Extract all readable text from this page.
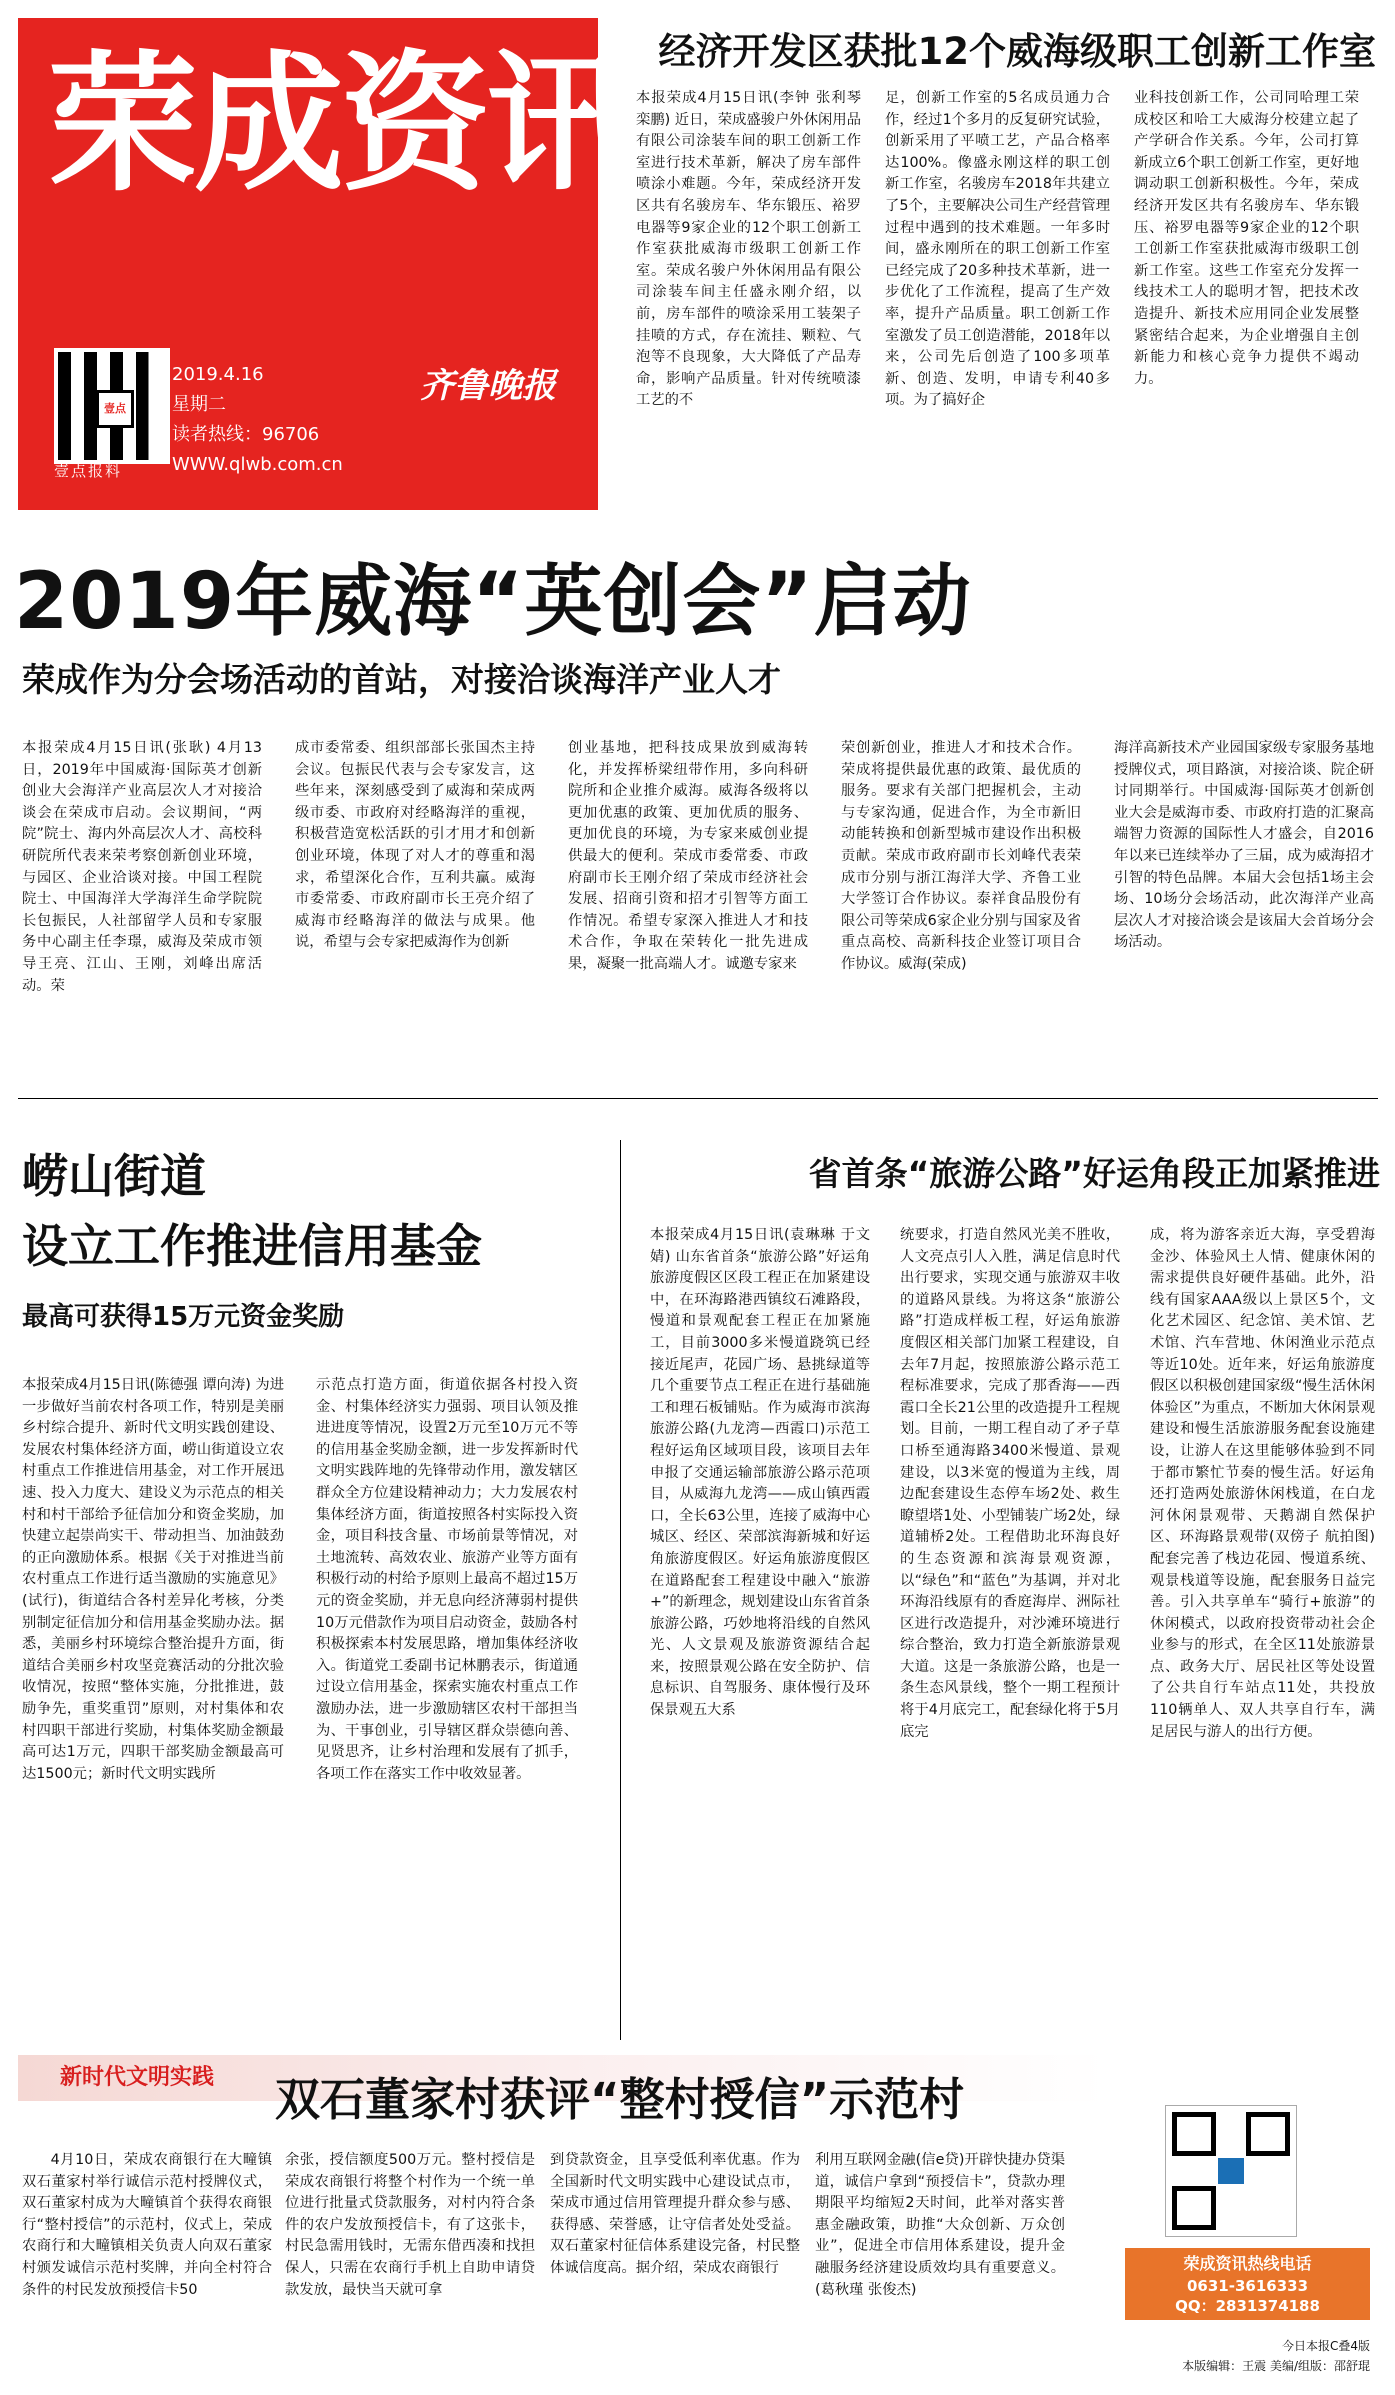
荣成资讯
壹点
壹点报料
2019.4.16
星期二
读者热线：96706
WWW.qlwb.com.cn
齐鲁晚报
经济开发区获批12个威海级职工创新工作室

本报荣成4月15日讯(李钟 张利琴 栾鹏) 近日，荣成盛骏户外休闲用品有限公司涂装车间的职工创新工作室进行技术革新，解决了房车部件喷涂小难题。今年，荣成经济开发区共有名骏房车、华东锻压、裕罗电器等9家企业的12个职工创新工作室获批威海市级职工创新工作室。荣成名骏户外休闲用品有限公司涂装车间主任盛永刚介绍，以前，房车部件的喷涂采用工装架子挂喷的方式，存在流挂、颗粒、气泡等不良现象，大大降低了产品寿命，影响产品质量。针对传统喷漆工艺的不

足，创新工作室的5名成员通力合作，经过1个多月的反复研究试验，创新采用了平喷工艺，产品合格率达100%。像盛永刚这样的职工创新工作室，名骏房车2018年共建立了5个，主要解决公司生产经营管理过程中遇到的技术难题。一年多时间，盛永刚所在的职工创新工作室已经完成了20多种技术革新，进一步优化了工作流程，提高了生产效率，提升产品质量。职工创新工作室激发了员工创造潜能，2018年以来，公司先后创造了100多项革新、创造、发明，申请专利40多项。为了搞好企

业科技创新工作，公司同哈理工荣成校区和哈工大威海分校建立起了产学研合作关系。今年，公司打算新成立6个职工创新工作室，更好地调动职工创新积极性。今年，荣成经济开发区共有名骏房车、华东锻压、裕罗电器等9家企业的12个职工创新工作室获批威海市级职工创新工作室。这些工作室充分发挥一线技术工人的聪明才智，把技术改造提升、新技术应用同企业发展整紧密结合起来，为企业增强自主创新能力和核心竞争力提供不竭动力。

2019年威海“英创会”启动
荣成作为分会场活动的首站，对接洽谈海洋产业人才

本报荣成4月15日讯(张耿) 4月13日，2019年中国威海·国际英才创新创业大会海洋产业高层次人才对接洽谈会在荣成市启动。会议期间，“两院”院士、海内外高层次人才、高校科研院所代表来荣考察创新创业环境，与园区、企业洽谈对接。中国工程院院士、中国海洋大学海洋生命学院院长包振民，人社部留学人员和专家服务中心副主任李璟，威海及荣成市领导王亮、江山、王刚，刘峰出席活动。荣

成市委常委、组织部部长张国杰主持会议。包振民代表与会专家发言，这些年来，深刻感受到了威海和荣成两级市委、市政府对经略海洋的重视，积极营造宽松活跃的引才用才和创新创业环境，体现了对人才的尊重和渴求，希望深化合作，互利共赢。威海市委常委、市政府副市长王亮介绍了威海市经略海洋的做法与成果。他说，希望与会专家把威海作为创新

创业基地，把科技成果放到威海转化，并发挥桥梁纽带作用，多向科研院所和企业推介威海。威海各级将以更加优惠的政策、更加优质的服务、更加优良的环境，为专家来威创业提供最大的便利。荣成市委常委、市政府副市长王刚介绍了荣成市经济社会发展、招商引资和招才引智等方面工作情况。希望专家深入推进人才和技术合作，争取在荣转化一批先进成果，凝聚一批高端人才。诚邀专家来

荣创新创业，推进人才和技术合作。荣成将提供最优惠的政策、最优质的服务。要求有关部门把握机会，主动与专家沟通，促进合作，为全市新旧动能转换和创新型城市建设作出积极贡献。荣成市政府副市长刘峰代表荣成市分别与浙江海洋大学、齐鲁工业大学签订合作协议。泰祥食品股份有限公司等荣成6家企业分别与国家及省重点高校、高新科技企业签订项目合作协议。威海(荣成)

海洋高新技术产业园国家级专家服务基地授牌仪式，项目路演，对接洽谈、院企研讨同期举行。中国威海·国际英才创新创业大会是威海市委、市政府打造的汇聚高端智力资源的国际性人才盛会，自2016年以来已连续举办了三届，成为威海招才引智的特色品牌。本届大会包括1场主会场、10场分会场活动，此次海洋产业高层次人才对接洽谈会是该届大会首场分会场活动。

崂山街道
设立工作推进信用基金
最高可获得15万元资金奖励

本报荣成4月15日讯(陈德强 谭向涛) 为进一步做好当前农村各项工作，特别是美丽乡村综合提升、新时代文明实践创建设、发展农村集体经济方面，崂山街道设立农村重点工作推进信用基金，对工作开展迅速、投入力度大、建设义为示范点的相关村和村干部给予征信加分和资金奖励，加快建立起崇尚实干、带动担当、加油鼓劲的正向激励体系。根据《关于对推进当前农村重点工作进行适当激励的实施意见》(试行)，街道结合各村差异化考核，分类别制定征信加分和信用基金奖励办法。据悉，美丽乡村环境综合整治提升方面，街道结合美丽乡村攻坚竞赛活动的分批次验收情况，按照“整体实施，分批推进，鼓励争先，重奖重罚”原则，对村集体和农村四职干部进行奖励，村集体奖励金额最高可达1万元，四职干部奖励金额最高可达1500元；新时代文明实践所

示范点打造方面，街道依据各村投入资金、村集体经济实力强弱、项目认领及推进进度等情况，设置2万元至10万元不等的信用基金奖励金额，进一步发挥新时代文明实践阵地的先锋带动作用，激发辖区群众全方位建设精神动力；大力发展农村集体经济方面，街道按照各村实际投入资金，项目科技含量、市场前景等情况，对土地流转、高效农业、旅游产业等方面有积极行动的村给予原则上最高不超过15万元的资金奖励，并无息向经济薄弱村提供10万元借款作为项目启动资金，鼓励各村积极探索本村发展思路，增加集体经济收入。街道党工委副书记林鹏表示，街道通过设立信用基金，探索实施农村重点工作激励办法，进一步激励辖区农村干部担当为、干事创业，引导辖区群众崇德向善、见贤思齐，让乡村治理和发展有了抓手，各项工作在落实工作中收效显著。

省首条“旅游公路”好运角段正加紧推进

本报荣成4月15日讯(袁琳琳 于文婧) 山东省首条“旅游公路”好运角旅游度假区区段工程正在加紧建设中，在环海路港西镇纹石滩路段，慢道和景观配套工程正在加紧施工，目前3000多米慢道跷筑已经接近尾声，花园广场、悬挑绿道等几个重要节点工程正在进行基础施工和理石板铺贴。作为威海市滨海旅游公路(九龙湾—西霞口)示范工程好运角区域项目段，该项目去年申报了交通运输部旅游公路示范项目，从威海九龙湾——成山镇西霞口，全长63公里，连接了威海中心城区、经区、荣部滨海新城和好运角旅游度假区。好运角旅游度假区在道路配套工程建设中融入“旅游+”的新理念，规划建设山东省首条旅游公路，巧妙地将沿线的自然风光、人文景观及旅游资源结合起来，按照景观公路在安全防护、信息标识、自驾服务、康体慢行及环保景观五大系

统要求，打造自然风光美不胜收，人文亮点引人入胜，满足信息时代出行要求，实现交通与旅游双丰收的道路风景线。为将这条“旅游公路”打造成样板工程，好运角旅游度假区相关部门加紧工程建设，自去年7月起，按照旅游公路示范工程标准要求，完成了那香海——西霞口全长21公里的改造提升工程规划。目前，一期工程自动了矛子草口桥至通海路3400米慢道、景观建设，以3米宽的慢道为主线，周边配套建设生态停车场2处、救生瞭望塔1处、小型铺装广场2处，绿道辅桥2处。工程借助北环海良好的生态资源和滨海景观资源，以“绿色”和“蓝色”为基调，并对北环海沿线原有的香庭海岸、洲际社区进行改造提升，对沙滩环境进行综合整治，致力打造全新旅游景观大道。这是一条旅游公路，也是一条生态风景线，整个一期工程预计将于4月底完工，配套绿化将于5月底完

成，将为游客亲近大海，享受碧海金沙、体验风土人情、健康休闲的需求提供良好硬件基础。此外，沿线有国家AAA级以上景区5个，文化艺术园区、纪念馆、美术馆、艺术馆、汽车营地、休闲渔业示范点等近10处。近年来，好运角旅游度假区以积极创建国家级“慢生活休闲体验区”为重点，不断加大休闲景观建设和慢生活旅游服务配套设施建设，让游人在这里能够体验到不同于都市繁忙节奏的慢生活。好运角还打造两处旅游休闲栈道，在白龙河休闲景观带、天鹅湖自然保护区、环海路景观带(双傍子 航拍图)配套完善了栈边花园、慢道系统、观景栈道等设施，配套服务日益完善。引入共享单车“骑行+旅游”的休闲模式，以政府投资带动社会企业参与的形式，在全区11处旅游景点、政务大厅、居民社区等处设置了公共自行车站点11处，共投放110辆单人、双人共享自行车，满足居民与游人的出行方便。

新时代文明实践 双石董家村获评“整村授信”示范村

4月10日，荣成农商银行在大疃镇双石董家村举行诚信示范村授牌仪式，双石董家村成为大疃镇首个获得农商银行“整村授信”的示范村，仪式上，荣成农商行和大疃镇相关负责人向双石董家村颁发诚信示范村奖牌，并向全村符合条件的村民发放预授信卡50

余张，授信额度500万元。整村授信是荣成农商银行将整个村作为一个统一单位进行批量式贷款服务，对村内符合条件的农户发放预授信卡，有了这张卡，村民急需用钱时，无需东借西凑和找担保人，只需在农商行手机上自助申请贷款发放，最快当天就可拿

到贷款资金，且享受低利率优惠。作为全国新时代文明实践中心建设试点市，荣成市通过信用管理提升群众参与感、获得感、荣誉感，让守信者处处受益。双石董家村征信体系建设完备，村民整体诚信度高。据介绍，荣成农商银行

利用互联网金融(信e贷)开辟快捷办贷渠道，诚信户拿到“预授信卡”，贷款办理期限平均缩短2天时间，此举对落实普惠金融政策，助推“大众创新、万众创业”，促进全市信用体系建设，提升金融服务经济建设质效均具有重要意义。(葛秋瑾 张俊杰)

荣成资讯热线电话
0631-3616333
QQ：2831374188
今日本报C叠4版
本版编辑：王震 美编/组版：邵舒琨
